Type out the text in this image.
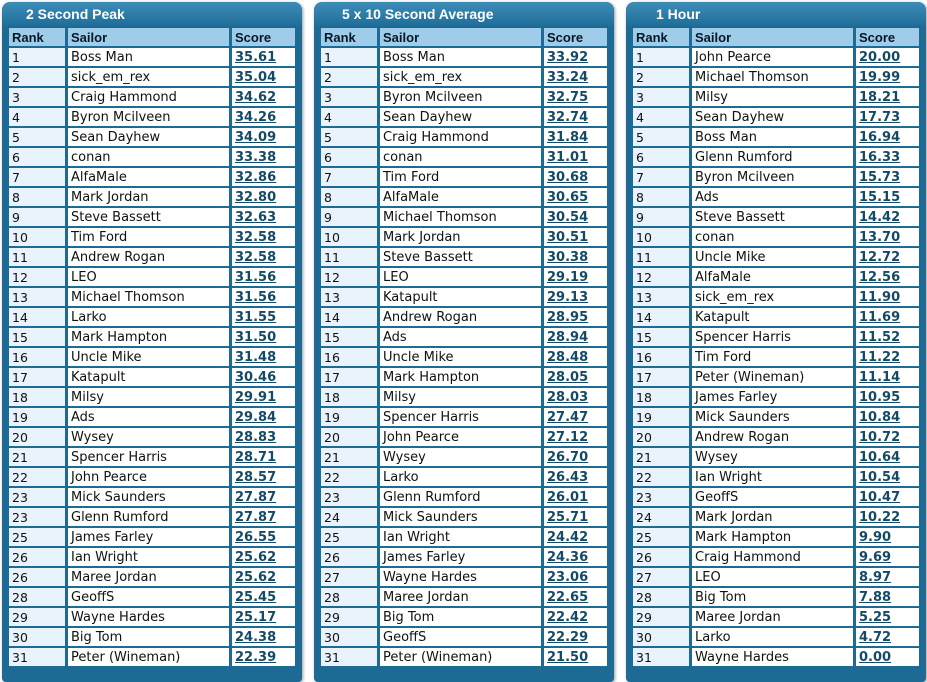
2 Second Peak
Rank	Sailor	Score
1	Boss Man	35.61
2	sick_em_rex	35.04
3	Craig Hammond	34.62
4	Byron Mcilveen	34.26
5	Sean Dayhew	34.09
6	conan	33.38
7	AlfaMale	32.86
8	Mark Jordan	32.80
9	Steve Bassett	32.63
10	Tim Ford	32.58
11	Andrew Rogan	32.58
12	LEO	31.56
13	Michael Thomson	31.56
14	Larko	31.55
15	Mark Hampton	31.50
16	Uncle Mike	31.48
17	Katapult	30.46
18	Milsy	29.91
19	Ads	29.84
20	Wysey	28.83
21	Spencer Harris	28.71
22	John Pearce	28.57
23	Mick Saunders	27.87
23	Glenn Rumford	27.87
25	James Farley	26.55
26	Ian Wright	25.62
26	Maree Jordan	25.62
28	GeoffS	25.45
29	Wayne Hardes	25.17
30	Big Tom	24.38
31	Peter (Wineman)	22.39
5 x 10 Second Average
Rank	Sailor	Score
1	Boss Man	33.92
2	sick_em_rex	33.24
3	Byron Mcilveen	32.75
4	Sean Dayhew	32.74
5	Craig Hammond	31.84
6	conan	31.01
7	Tim Ford	30.68
8	AlfaMale	30.65
9	Michael Thomson	30.54
10	Mark Jordan	30.51
11	Steve Bassett	30.38
12	LEO	29.19
13	Katapult	29.13
14	Andrew Rogan	28.95
15	Ads	28.94
16	Uncle Mike	28.48
17	Mark Hampton	28.05
18	Milsy	28.03
19	Spencer Harris	27.47
20	John Pearce	27.12
21	Wysey	26.70
22	Larko	26.43
23	Glenn Rumford	26.01
24	Mick Saunders	25.71
25	Ian Wright	24.42
26	James Farley	24.36
27	Wayne Hardes	23.06
28	Maree Jordan	22.65
29	Big Tom	22.42
30	GeoffS	22.29
31	Peter (Wineman)	21.50
1 Hour
Rank	Sailor	Score
1	John Pearce	20.00
2	Michael Thomson	19.99
3	Milsy	18.21
4	Sean Dayhew	17.73
5	Boss Man	16.94
6	Glenn Rumford	16.33
7	Byron Mcilveen	15.73
8	Ads	15.15
9	Steve Bassett	14.42
10	conan	13.70
11	Uncle Mike	12.72
12	AlfaMale	12.56
13	sick_em_rex	11.90
14	Katapult	11.69
15	Spencer Harris	11.52
16	Tim Ford	11.22
17	Peter (Wineman)	11.14
18	James Farley	10.95
19	Mick Saunders	10.84
20	Andrew Rogan	10.72
21	Wysey	10.64
22	Ian Wright	10.54
23	GeoffS	10.47
24	Mark Jordan	10.22
25	Mark Hampton	9.90
26	Craig Hammond	9.69
27	LEO	8.97
28	Big Tom	7.88
29	Maree Jordan	5.25
30	Larko	4.72
31	Wayne Hardes	0.00
